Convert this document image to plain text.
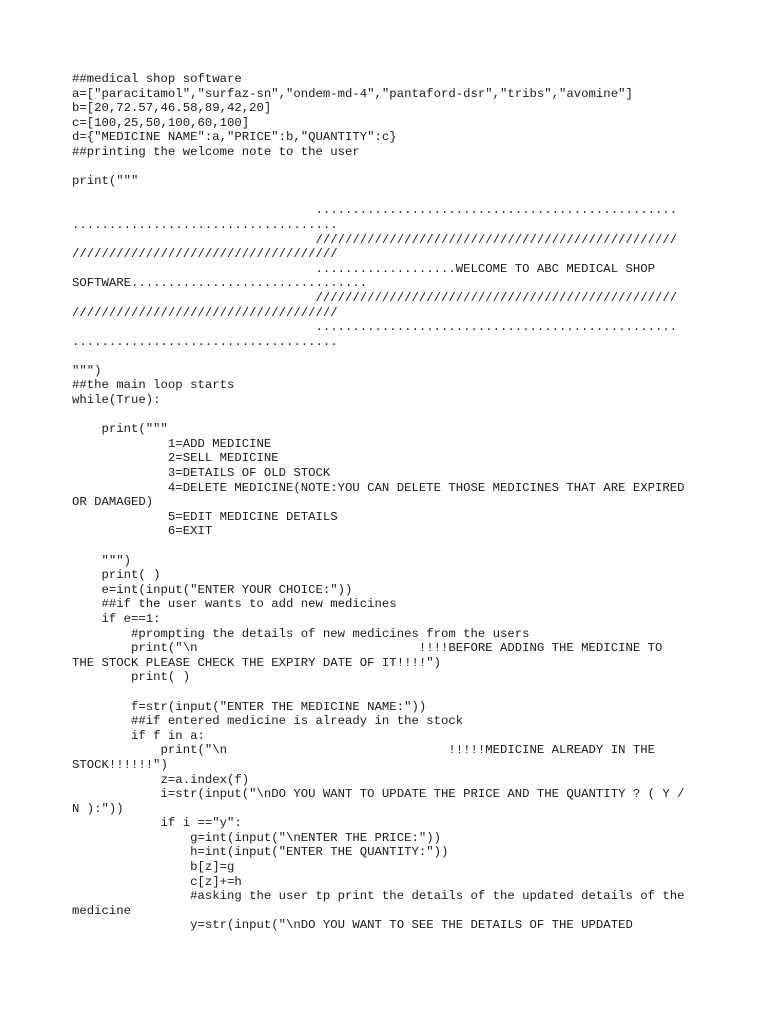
##medical shop software
a=["paracitamol","surfaz-sn","ondem-md-4","pantaford-dsr","tribs","avomine"]
b=[20,72.57,46.58,89,42,20]
c=[100,25,50,100,60,100]
d={"MEDICINE NAME":a,"PRICE":b,"QUANTITY":c}
##printing the welcome note to the user
print("""
.................................................
....................................
/////////////////////////////////////////////////
////////////////////////////////////
...................WELCOME TO ABC MEDICAL SHOP
SOFTWARE................................
/////////////////////////////////////////////////
////////////////////////////////////
.................................................
....................................
""")
##the main loop starts
while(True):
print("""
1=ADD MEDICINE
2=SELL MEDICINE
3=DETAILS OF OLD STOCK
4=DELETE MEDICINE(NOTE:YOU CAN DELETE THOSE MEDICINES THAT ARE EXPIRED
OR DAMAGED)
5=EDIT MEDICINE DETAILS
6=EXIT
""")
print( )
e=int(input("ENTER YOUR CHOICE:"))
##if the user wants to add new medicines
if e==1:
#prompting the details of new medicines from the users
print("\n                              !!!!BEFORE ADDING THE MEDICINE TO
THE STOCK PLEASE CHECK THE EXPIRY DATE OF IT!!!!")
print( )
f=str(input("ENTER THE MEDICINE NAME:"))
##if entered medicine is already in the stock
if f in a:
print("\n                              !!!!!MEDICINE ALREADY IN THE
STOCK!!!!!!")
z=a.index(f)
i=str(input("\nDO YOU WANT TO UPDATE THE PRICE AND THE QUANTITY ? ( Y /
N ):"))
if i =="y":
g=int(input("\nENTER THE PRICE:"))
h=int(input("ENTER THE QUANTITY:"))
b[z]=g
c[z]+=h
#asking the user tp print the details of the updated details of the
medicine
y=str(input("\nDO YOU WANT TO SEE THE DETAILS OF THE UPDATED
